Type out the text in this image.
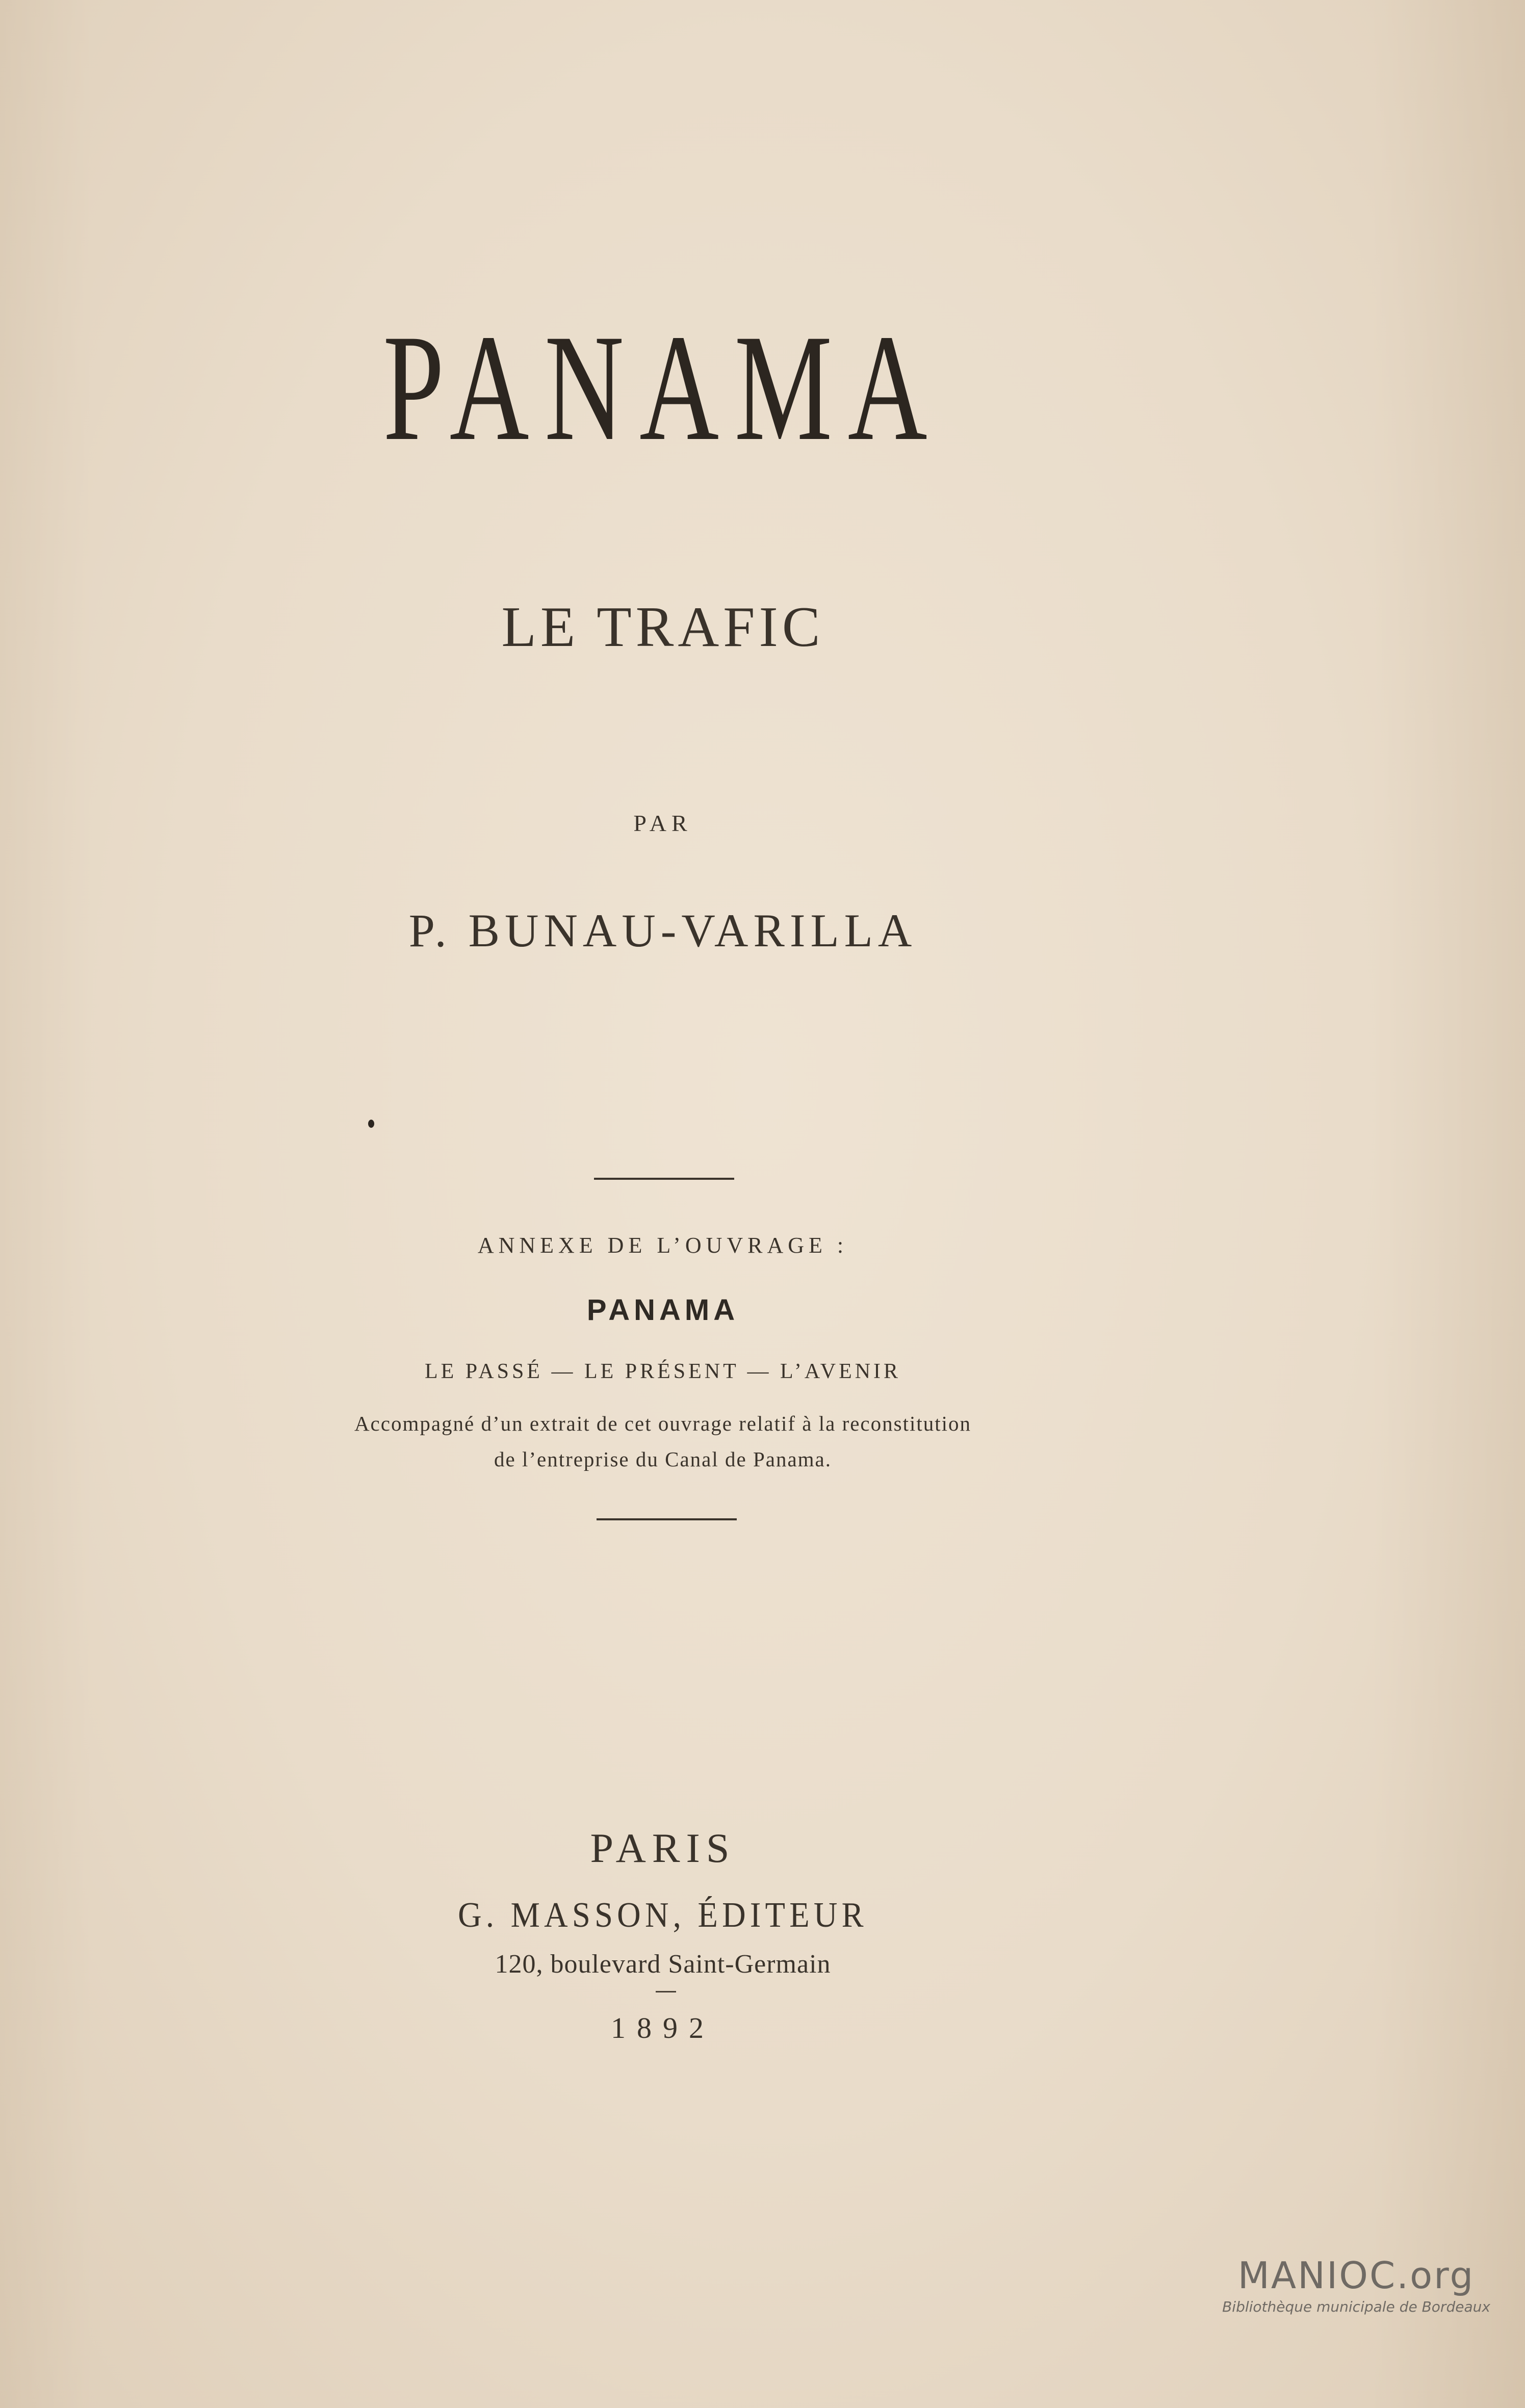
PANAMA
LE TRAFIC
PAR
P. BUNAU-VARILLA
ANNEXE DE L’OUVRAGE :
PANAMA
LE PASSÉ — LE PRÉSENT — L’AVENIR
Accompagné d’un extrait de cet ouvrage relatif à la reconstitution
de l’entreprise du Canal de Panama.
PARIS
G. MASSON, ÉDITEUR
120, boulevard Saint-Germain
1892
MANIOC.org
Bibliothèque municipale de Bordeaux
